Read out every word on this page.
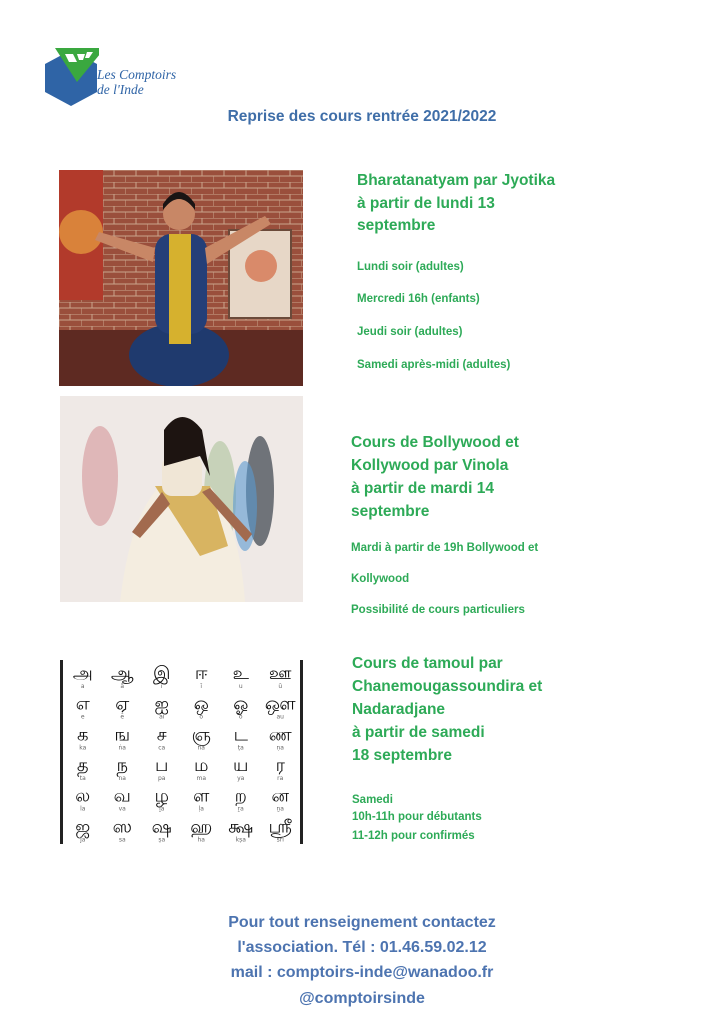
Les Comptoirs
de l'Inde
Reprise des cours rentrée 2021/2022
Bharatanatyam par Jyotika
à partir de lundi 13
septembre
Lundi soir (adultes)
Mercredi 16h (enfants)
Jeudi soir (adultes)
Samedi après-midi (adultes)
Cours de Bollywood et
Kollywood par Vinola
à partir de mardi 14
septembre
Mardi à partir de 19h Bollywood et
Kollywood
Possibilité de cours particuliers
அ
a
ஆ
ā
இ
i
ஈ
ī
உ
u
ஊ
ū
எ
e
ஏ
ē
ஐ
ai
ஒ
o
ஓ
ō
ஔ
au
க
ka
ங
ṅa
ச
ca
ஞ
ña
ட
ṭa
ண
ṇa
த
ta
ந
na
ப
pa
ம
ma
ய
ya
ர
ra
ல
la
வ
va
ழ
ḻa
ள
ḷa
ற
ṟa
ன
ṉa
ஜ
ja
ஸ
sa
ஷ
ṣa
ஹ
ha
க்ஷ
kṣa
ஸ்ரீ
srī
Cours de tamoul par
Chanemougassoundira et
Nadaradjane
à partir de samedi
18 septembre
Samedi
10h-11h pour débutants
11-12h pour confirmés
Pour tout renseignement contactez
l'association. Tél : 01.46.59.02.12
mail : comptoirs-inde@wanadoo.fr
@comptoirsinde
